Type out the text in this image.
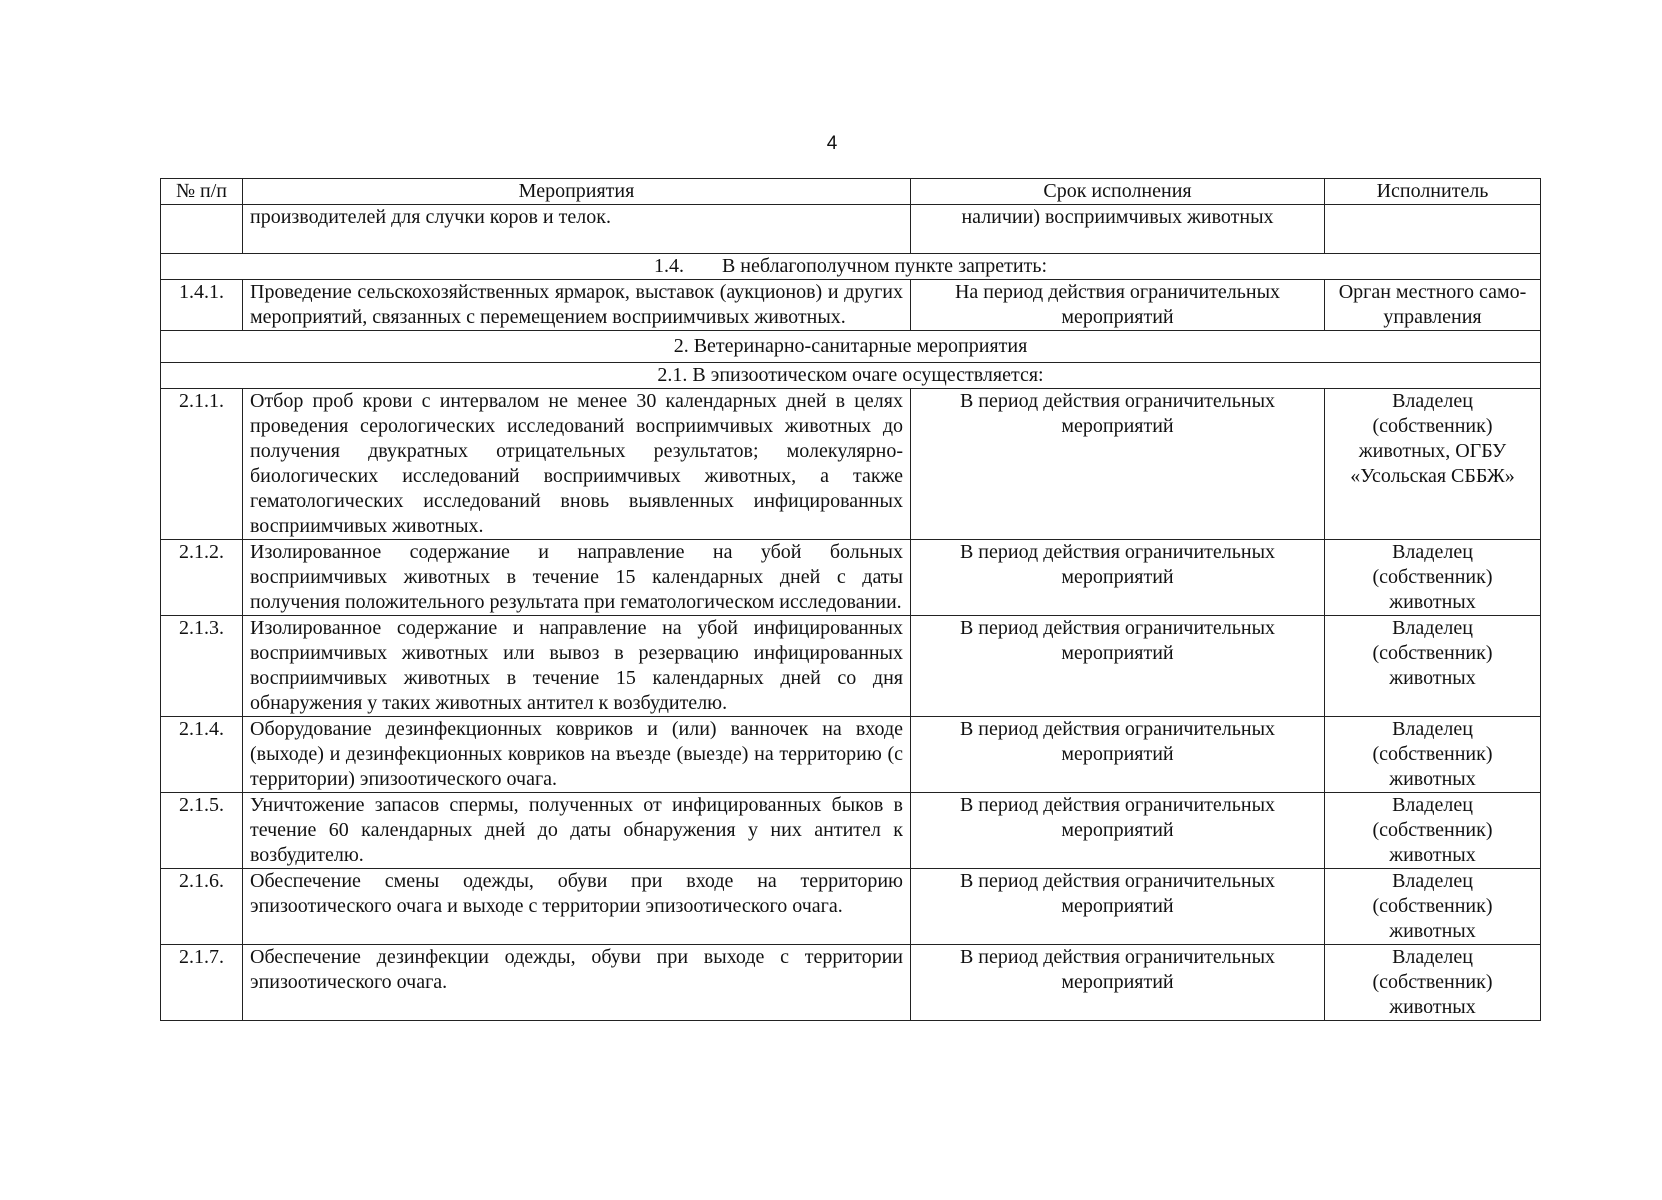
4
№ п/п	Мероприятия	Срок исполнения	Исполнитель
	производителей для случки коров и телок.	наличии) восприимчивых животных	
1.4. В неблагополучном пункте запретить:			
1.4.1.	Проведение сельскохозяйственных ярмарок, выставок (аукционов) и других мероприятий, связанных с перемещением восприимчивых животных.	На период действия ограничительных мероприятий	Орган местного само-управления
2. Ветеринарно-санитарные мероприятия			
2.1. В эпизоотическом очаге осуществляется:			
2.1.1.	Отбор проб крови с интервалом не менее 30 календарных дней в целях проведения серологических исследований восприимчивых животных до получения двукратных отрицательных результатов; молекулярно-биологических исследований восприимчивых животных, а также гематологических исследований вновь выявленных инфицированных восприимчивых животных.	В период действия ограничительных мероприятий	Владелец (собственник) животных, ОГБУ «Усольская СББЖ»
2.1.2.	Изолированное содержание и направление на убой больных восприимчивых животных в течение 15 календарных дней с даты получения положительного результата при гематологическом исследовании.	В период действия ограничительных мероприятий	Владелец (собственник) животных
2.1.3.	Изолированное содержание и направление на убой инфицированных восприимчивых животных или вывоз в резервацию инфицированных восприимчивых животных в течение 15 календарных дней со дня обнаружения у таких животных антител к возбудителю.	В период действия ограничительных мероприятий	Владелец (собственник) животных
2.1.4.	Оборудование дезинфекционных ковриков и (или) ванночек на входе (выходе) и дезинфекционных ковриков на въезде (выезде) на территорию (с территории) эпизоотического очага.	В период действия ограничительных мероприятий	Владелец (собственник) животных
2.1.5.	Уничтожение запасов спермы, полученных от инфицированных быков в течение 60 календарных дней до даты обнаружения у них антител к возбудителю.	В период действия ограничительных мероприятий	Владелец (собственник) животных
2.1.6.	Обеспечение смены одежды, обуви при входе на территорию эпизоотического очага и выходе с территории эпизоотического очага.	В период действия ограничительных мероприятий	Владелец (собственник) животных
2.1.7.	Обеспечение дезинфекции одежды, обуви при выходе с территории эпизоотического очага.	В период действия ограничительных мероприятий	Владелец (собственник) животных
